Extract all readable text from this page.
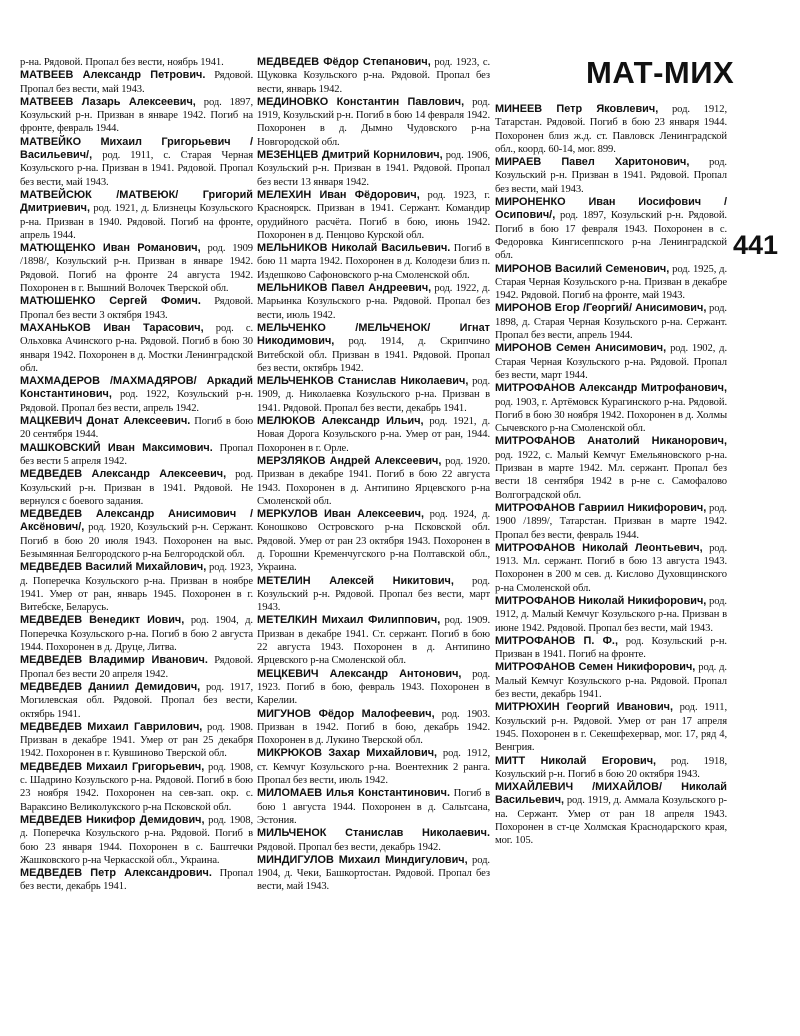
МАТ-МИХ
441

р-на. Рядовой. Пропал без вести, ноябрь 1941.

МАТВЕЕВ Александр Петрович. Рядовой. Пропал без вести, май 1943.

МАТВЕЕВ Лазарь Алексеевич, род. 1897, Козульский р-н. Призван в январе 1942. Погиб на фронте, февраль 1944.

МАТВЕЙКО Михаил Григорьевич /Васильевич/, род. 1911, с. Старая Черная Козульского р-на. Призван в 1941. Рядовой. Пропал без вести, май 1943.

МАТВЕЙСЮК /МАТВЕЮК/ Григорий Дмитриевич, род. 1921, д. Близнецы Козульского р-на. Призван в 1940. Рядовой. Погиб на фронте, апрель 1944.

МАТЮЩЕНКО Иван Романович, род. 1909 /1898/, Козульский р-н. Призван в январе 1942. Рядовой. Погиб на фронте 24 августа 1942. Похоронен в г. Вышний Волочек Тверской обл.

МАТЮШЕНКО Сергей Фомич. Рядовой. Пропал без вести 3 октября 1943.

МАХАНЬКОВ Иван Тарасович, род. с. Ольховка Ачинского р-на. Рядовой. Погиб в бою 30 января 1942. Похоронен в д. Мостки Ленинградской обл.

МАХМАДЕРОВ /МАХМАДЯРОВ/ Аркадий Константинович, род. 1922, Козульский р-н. Рядовой. Пропал без вести, апрель 1942.

МАЦКЕВИЧ Донат Алексеевич. Погиб в бою 20 сентября 1944.

МАШКОВСКИЙ Иван Максимович. Пропал без вести 5 апреля 1942.

МЕДВЕДЕВ Александр Алексеевич, род. Козульский р-н. Призван в 1941. Рядовой. Не вернулся с боевого задания.

МЕДВЕДЕВ Александр Анисимович /Аксёнович/, род. 1920, Козульский р-н. Сержант. Погиб в бою 20 июля 1943. Похоронен на выс. Безымянная Белгородского р-на Белгородской обл.

МЕДВЕДЕВ Василий Михайлович, род. 1923, д. Поперечка Козульского р-на. Призван в ноябре 1941. Умер от ран, январь 1945. Похоронен в г. Витебске, Беларусь.

МЕДВЕДЕВ Венедикт Иович, род. 1904, д. Поперечка Козульского р-на. Погиб в бою 2 августа 1944. Похоронен в д. Друце, Литва.

МЕДВЕДЕВ Владимир Иванович. Рядовой. Пропал без вести 20 апреля 1942.

МЕДВЕДЕВ Даниил Демидович, род. 1917, Могилевская обл. Рядовой. Пропал без вести, октябрь 1941.

МЕДВЕДЕВ Михаил Гаврилович, род. 1908. Призван в декабре 1941. Умер от ран 25 декабря 1942. Похоронен в г. Кувшиново Тверской обл.

МЕДВЕДЕВ Михаил Григорьевич, род. 1908, с. Шадрино Козульского р-на. Рядовой. Погиб в бою 23 ноября 1942. Похоронен на сев-зап. окр. с. Вараксино Великолукского р-на Псковской обл.

МЕДВЕДЕВ Никифор Демидович, род. 1908, д. Поперечка Козульского р-на. Рядовой. Погиб в бою 23 января 1944. Похоронен в с. Баштечки Жашковского р-на Черкасской обл., Украина.

МЕДВЕДЕВ Петр Александрович. Пропал без вести, декабрь 1941.

МЕДВЕДЕВ Фёдор Степанович, род. 1923, с. Щуковка Козульского р-на. Рядовой. Пропал без вести, январь 1942.

МЕДИНОВКО Константин Павлович, род. 1919, Козульский р-н. Погиб в бою 14 февраля 1942. Похоронен в д. Дымно Чудовского р-на Новгородской обл.

МЕЗЕНЦЕВ Дмитрий Корнилович, род. 1906, Козульский р-н. Призван в 1941. Рядовой. Пропал без вести 13 января 1942.

МЕЛЕХИН Иван Фёдорович, род. 1923, г. Красноярск. Призван в 1941. Сержант. Командир орудийного расчёта. Погиб в бою, июнь 1942. Похоронен в д. Пенцово Курской обл.

МЕЛЬНИКОВ Николай Васильевич. Погиб в бою 11 марта 1942. Похоронен в д. Колодези близ п. Издешково Сафоновского р-на Смоленской обл.

МЕЛЬНИКОВ Павел Андреевич, род. 1922, д. Марьинка Козульского р-на. Рядовой. Пропал без вести, июль 1942.

МЕЛЬЧЕНКО /МЕЛЬЧЕНОК/ Игнат Никодимович, род. 1914, д. Скрипчино Витебской обл. Призван в 1941. Рядовой. Пропал без вести, октябрь 1942.

МЕЛЬЧЕНКОВ Станислав Николаевич, род. 1909, д. Николаевка Козульского р-на. Призван в 1941. Рядовой. Пропал без вести, декабрь 1941.

МЕЛЮКОВ Александр Ильич, род. 1921, д. Новая Дорога Козульского р-на. Умер от ран, 1944. Похоронен в г. Орле.

МЕРЗЛЯКОВ Андрей Алексеевич, род. 1920. Призван в декабре 1941. Погиб в бою 22 августа 1943. Похоронен в д. Антипино Ярцевского р-на Смоленской обл.

МЕРКУЛОВ Иван Алексеевич, род. 1924, д. Коношково Островского р-на Псковской обл. Рядовой. Умер от ран 23 октября 1943. Похоронен в д. Горошни Кременчугского р-на Полтавской обл., Украина.

МЕТЕЛИН Алексей Никитович, род. Козульский р-н. Рядовой. Пропал без вести, март 1943.

МЕТЕЛКИН Михаил Филиппович, род. 1909. Призван в декабре 1941. Ст. сержант. Погиб в бою 22 августа 1943. Похоронен в д. Антипино Ярцевского р-на Смоленской обл.

МЕЦКЕВИЧ Александр Антонович, род. 1923. Погиб в бою, февраль 1943. Похоронен в Карелии.

МИГУНОВ Фёдор Малофеевич, род. 1903. Призван в 1942. Погиб в бою, декабрь 1942. Похоронен в д. Лукино Тверской обл.

МИКРЮКОВ Захар Михайлович, род. 1912, ст. Кемчуг Козульского р-на. Воентехник 2 ранга. Пропал без вести, июль 1942.

МИЛОМАЕВ Илья Константинович. Погиб в бою 1 августа 1944. Похоронен в д. Сальтсана, Эстония.

МИЛЬЧЕНОК Станислав Николаевич. Рядовой. Пропал без вести, декабрь 1942.

МИНДИГУЛОВ Михаил Миндигулович, род. 1904, д. Чеки, Башкортостан. Рядовой. Пропал без вести, май 1943.

МИНЕЕВ Петр Яковлевич, род. 1912, Татарстан. Рядовой. Погиб в бою 23 января 1944. Похоронен близ ж.д. ст. Павловск Ленинградской обл., коорд. 60-14, мог. 899.

МИРАЕВ Павел Харитонович, род. Козульский р-н. Призван в 1941. Рядовой. Пропал без вести, май 1943.

МИРОНЕНКО Иван Иосифович /Осипович/, род. 1897, Козульский р-н. Рядовой. Погиб в бою 17 февраля 1943. Похоронен в с. Федоровка Кингисеппского р-на Ленинградской обл.

МИРОНОВ Василий Семенович, род. 1925, д. Старая Черная Козульского р-на. Призван в декабре 1942. Рядовой. Погиб на фронте, май 1943.

МИРОНОВ Егор /Георгий/ Анисимович, род. 1898, д. Старая Черная Козульского р-на. Сержант. Пропал без вести, апрель 1944.

МИРОНОВ Семен Анисимович, род. 1902, д. Старая Черная Козульского р-на. Рядовой. Пропал без вести, март 1944.

МИТРОФАНОВ Александр Митрофанович, род. 1903, г. Артёмовск Курагинского р-на. Рядовой. Погиб в бою 30 ноября 1942. Похоронен в д. Холмы Сычевского р-на Смоленской обл.

МИТРОФАНОВ Анатолий Никанорович, род. 1922, с. Малый Кемчуг Емельяновского р-на. Призван в марте 1942. Мл. сержант. Пропал без вести 18 сентября 1942 в р-не с. Самофалово Волгоградской обл.

МИТРОФАНОВ Гавриил Никифорович, род. 1900 /1899/, Татарстан. Призван в марте 1942. Пропал без вести, февраль 1944.

МИТРОФАНОВ Николай Леонтьевич, род. 1913. Мл. сержант. Погиб в бою 13 августа 1943. Похоронен в 200 м сев. д. Кислово Духовщинского р-на Смоленской обл.

МИТРОФАНОВ Николай Никифорович, род. 1912, д. Малый Кемчуг Козульского р-на. Призван в июне 1942. Рядовой. Пропал без вести, май 1943.

МИТРОФАНОВ П. Ф., род. Козульский р-н. Призван в 1941. Погиб на фронте.

МИТРОФАНОВ Семен Никифорович, род. д. Малый Кемчуг Козульского р-на. Рядовой. Пропал без вести, декабрь 1941.

МИТРЮХИН Георгий Иванович, род. 1911, Козульский р-н. Рядовой. Умер от ран 17 апреля 1945. Похоронен в г. Секешфехервар, мог. 17, ряд 4, Венгрия.

МИТТ Николай Егорович, род. 1918, Козульский р-н. Погиб в бою 20 октября 1943.

МИХАЙЛЕВИЧ /МИХАЙЛОВ/ Николай Васильевич, род. 1919, д. Аммала Козульского р-на. Сержант. Умер от ран 18 апреля 1943. Похоронен в ст-це Холмская Краснодарского края, мог. 105.
